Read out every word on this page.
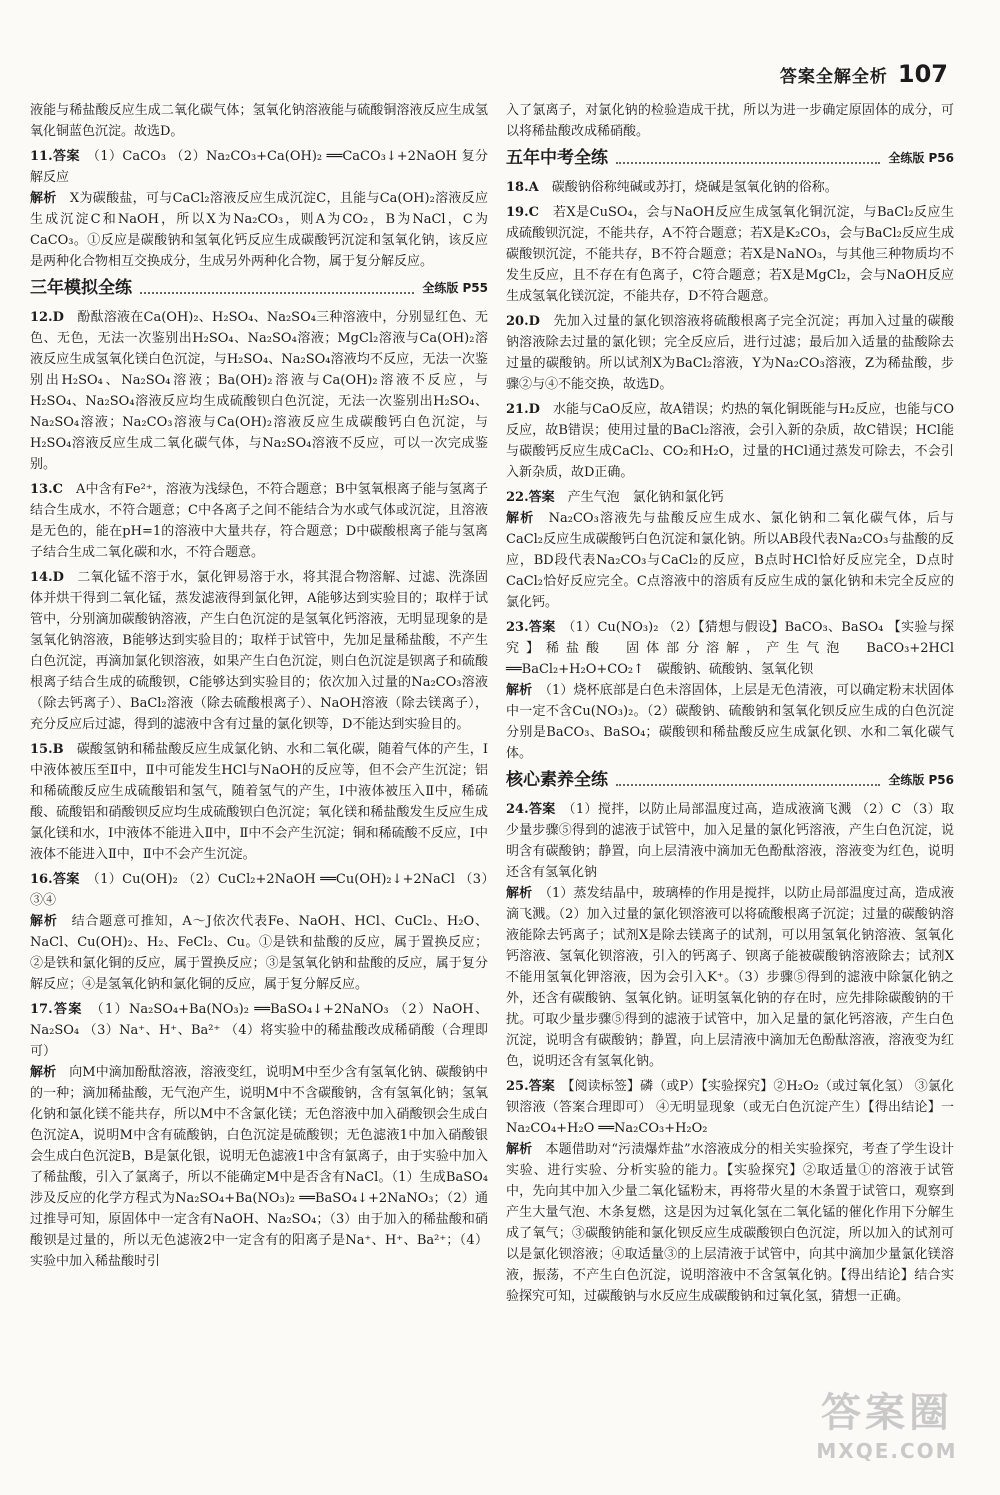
答案全解全析 107

液能与稀盐酸反应生成二氧化碳气体；氢氧化钠溶液能与硫酸铜溶液反应生成氢氧化铜蓝色沉淀。故选D。

11.答案　 （1）CaCO₃ （2）Na₂CO₃+Ca(OH)₂ ══CaCO₃↓+2NaOH 复分解反应

解析　 X为碳酸盐，可与CaCl₂溶液反应生成沉淀C，且能与Ca(OH)₂溶液反应生成沉淀C和NaOH，所以X为Na₂CO₃，则A为CO₂，B为NaCl，C为CaCO₃。①反应是碳酸钠和氢氧化钙反应生成碳酸钙沉淀和氢氧化钠，该反应是两种化合物相互交换成分，生成另外两种化合物，属于复分解反应。

三年模拟全练	全练版 P55

12.D　 酚酞溶液在Ca(OH)₂、H₂SO₄、Na₂SO₄三种溶液中，分别显红色、无色、无色，无法一次鉴别出H₂SO₄、Na₂SO₄溶液；MgCl₂溶液与Ca(OH)₂溶液反应生成氢氧化镁白色沉淀，与H₂SO₄、Na₂SO₄溶液均不反应，无法一次鉴别出H₂SO₄、Na₂SO₄溶液；Ba(OH)₂溶液与Ca(OH)₂溶液不反应，与H₂SO₄、Na₂SO₄溶液反应均生成硫酸钡白色沉淀，无法一次鉴别出H₂SO₄、Na₂SO₄溶液；Na₂CO₃溶液与Ca(OH)₂溶液反应生成碳酸钙白色沉淀，与H₂SO₄溶液反应生成二氧化碳气体，与Na₂SO₄溶液不反应，可以一次完成鉴别。

13.C　 A中含有Fe²⁺，溶液为浅绿色，不符合题意；B中氢氧根离子能与氢离子结合生成水，不符合题意；C中各离子之间不能结合为水或气体或沉淀，且溶液是无色的，能在pH=1的溶液中大量共存，符合题意；D中碳酸根离子能与氢离子结合生成二氧化碳和水，不符合题意。

14.D　 二氧化锰不溶于水，氯化钾易溶于水，将其混合物溶解、过滤、洗涤固体并烘干得到二氧化锰，蒸发滤液得到氯化钾，A能够达到实验目的；取样于试管中，分别滴加碳酸钠溶液，产生白色沉淀的是氢氧化钙溶液，无明显现象的是氢氧化钠溶液，B能够达到实验目的；取样于试管中，先加足量稀盐酸，不产生白色沉淀，再滴加氯化钡溶液，如果产生白色沉淀，则白色沉淀是钡离子和硫酸根离子结合生成的硫酸钡，C能够达到实验目的；依次加入过量的Na₂CO₃溶液（除去钙离子）、BaCl₂溶液（除去硫酸根离子）、NaOH溶液（除去镁离子），充分反应后过滤，得到的滤液中含有过量的氯化钡等，D不能达到实验目的。

15.B　 碳酸氢钠和稀盐酸反应生成氯化钠、水和二氧化碳，随着气体的产生，Ⅰ中液体被压至Ⅱ中，Ⅱ中可能发生HCl与NaOH的反应等，但不会产生沉淀；铝和稀硫酸反应生成硫酸铝和氢气，随着氢气的产生，Ⅰ中液体被压入Ⅱ中，稀硫酸、硫酸铝和硝酸钡反应均生成硫酸钡白色沉淀；氧化镁和稀盐酸发生反应生成氯化镁和水，Ⅰ中液体不能进入Ⅱ中，Ⅱ中不会产生沉淀；铜和稀硫酸不反应，Ⅰ中液体不能进入Ⅱ中，Ⅱ中不会产生沉淀。

16.答案　 （1）Cu(OH)₂ （2）CuCl₂+2NaOH ══Cu(OH)₂↓+2NaCl （3）③④

解析　 结合题意可推知，A～J依次代表Fe、NaOH、HCl、CuCl₂、H₂O、NaCl、Cu(OH)₂、H₂、FeCl₂、Cu。①是铁和盐酸的反应，属于置换反应；②是铁和氯化铜的反应，属于置换反应；③是氢氧化钠和盐酸的反应，属于复分解反应；④是氢氧化钠和氯化铜的反应，属于复分解反应。

17.答案　 （1）Na₂SO₄+Ba(NO₃)₂ ══BaSO₄↓+2NaNO₃ （2）NaOH、Na₂SO₄ （3）Na⁺、H⁺、Ba²⁺ （4）将实验中的稀盐酸改成稀硝酸（合理即可）

解析　 向M中滴加酚酞溶液，溶液变红，说明M中至少含有氢氧化钠、碳酸钠中的一种；滴加稀盐酸，无气泡产生，说明M中不含碳酸钠，含有氢氧化钠；氢氧化钠和氯化镁不能共存，所以M中不含氯化镁；无色溶液中加入硝酸钡会生成白色沉淀A，说明M中含有硫酸钠，白色沉淀是硫酸钡；无色滤液1中加入硝酸银会生成白色沉淀B，B是氯化银，说明无色滤液1中含有氯离子，由于实验中加入了稀盐酸，引入了氯离子，所以不能确定M中是否含有NaCl。（1）生成BaSO₄涉及反应的化学方程式为Na₂SO₄+Ba(NO₃)₂ ══BaSO₄↓+2NaNO₃；（2）通过推导可知，原固体中一定含有NaOH、Na₂SO₄；（3）由于加入的稀盐酸和硝酸钡是过量的，所以无色滤液2中一定含有的阳离子是Na⁺、H⁺、Ba²⁺；（4）实验中加入稀盐酸时引

入了氯离子，对氯化钠的检验造成干扰，所以为进一步确定原固体的成分，可以将稀盐酸改成稀硝酸。

五年中考全练	全练版 P56

18.A　 碳酸钠俗称纯碱或苏打，烧碱是氢氧化钠的俗称。

19.C　 若X是CuSO₄，会与NaOH反应生成氢氧化铜沉淀，与BaCl₂反应生成硫酸钡沉淀，不能共存，A不符合题意；若X是K₂CO₃，会与BaCl₂反应生成碳酸钡沉淀，不能共存，B不符合题意；若X是NaNO₃，与其他三种物质均不发生反应，且不存在有色离子，C符合题意；若X是MgCl₂，会与NaOH反应生成氢氧化镁沉淀，不能共存，D不符合题意。

20.D　 先加入过量的氯化钡溶液将硫酸根离子完全沉淀；再加入过量的碳酸钠溶液除去过量的氯化钡；完全反应后，进行过滤；最后加入适量的盐酸除去过量的碳酸钠。所以试剂X为BaCl₂溶液，Y为Na₂CO₃溶液，Z为稀盐酸，步骤②与④不能交换，故选D。

21.D　 水能与CaO反应，故A错误；灼热的氧化铜既能与H₂反应，也能与CO反应，故B错误；使用过量的BaCl₂溶液，会引入新的杂质，故C错误；HCl能与碳酸钙反应生成CaCl₂、CO₂和H₂O，过量的HCl通过蒸发可除去，不会引入新杂质，故D正确。

22.答案　 产生气泡　氯化钠和氯化钙

解析　 Na₂CO₃溶液先与盐酸反应生成水、氯化钠和二氧化碳气体，后与CaCl₂反应生成碳酸钙白色沉淀和氯化钠。所以AB段代表Na₂CO₃与盐酸的反应，BD段代表Na₂CO₃与CaCl₂的反应，B点时HCl恰好反应完全，D点时CaCl₂恰好反应完全。C点溶液中的溶质有反应生成的氯化钠和未完全反应的氯化钙。

23.答案　 （1）Cu(NO₃)₂ （2）【猜想与假设】BaCO₃、BaSO₄ 【实验与探究】稀盐酸　固体部分溶解，产生气泡　BaCO₃+2HCl ══BaCl₂+H₂O+CO₂↑　碳酸钠、硫酸钠、氢氧化钡

解析　 （1）烧杯底部是白色未溶固体，上层是无色清液，可以确定粉末状固体中一定不含Cu(NO₃)₂。（2）碳酸钠、硫酸钠和氢氧化钡反应生成的白色沉淀分别是BaCO₃、BaSO₄；碳酸钡和稀盐酸反应生成氯化钡、水和二氧化碳气体。

核心素养全练	全练版 P56

24.答案　 （1）搅拌，以防止局部温度过高，造成液滴飞溅 （2）C （3）取少量步骤⑤得到的滤液于试管中，加入足量的氯化钙溶液，产生白色沉淀，说明含有碳酸钠；静置，向上层清液中滴加无色酚酞溶液，溶液变为红色，说明还含有氢氧化钠

解析　 （1）蒸发结晶中，玻璃棒的作用是搅拌，以防止局部温度过高，造成液滴飞溅。（2）加入过量的氯化钡溶液可以将硫酸根离子沉淀；过量的碳酸钠溶液能除去钙离子；试剂X是除去镁离子的试剂，可以用氢氧化钠溶液、氢氧化钙溶液、氢氧化钡溶液，引入的钙离子、钡离子能被碳酸钠溶液除去；试剂X不能用氢氧化钾溶液，因为会引入K⁺。（3）步骤⑤得到的滤液中除氯化钠之外，还含有碳酸钠、氢氧化钠。证明氢氧化钠的存在时，应先排除碳酸钠的干扰。可取少量步骤⑤得到的滤液于试管中，加入足量的氯化钙溶液，产生白色沉淀，说明含有碳酸钠；静置，向上层清液中滴加无色酚酞溶液，溶液变为红色，说明还含有氢氧化钠。

25.答案　 【阅读标签】磷（或P）【实验探究】②H₂O₂（或过氧化氢） ③氯化钡溶液（答案合理即可） ④无明显现象（或无白色沉淀产生）【得出结论】一　Na₂CO₄+H₂O ══Na₂CO₃+H₂O₂

解析　 本题借助对“污渍爆炸盐”水溶液成分的相关实验探究，考查了学生设计实验、进行实验、分析实验的能力。【实验探究】②取适量①的溶液于试管中，先向其中加入少量二氧化锰粉末，再将带火星的木条置于试管口，观察到产生大量气泡、木条复燃，这是因为过氧化氢在二氧化锰的催化作用下分解生成了氧气；③碳酸钠能和氯化钡反应生成碳酸钡白色沉淀，所以加入的试剂可以是氯化钡溶液；④取适量③的上层清液于试管中，向其中滴加少量氯化镁溶液，振荡，不产生白色沉淀，说明溶液中不含氢氧化钠。【得出结论】结合实验探究可知，过碳酸钠与水反应生成碳酸钠和过氧化氢，猜想一正确。

答案圈
MXQE.COM
